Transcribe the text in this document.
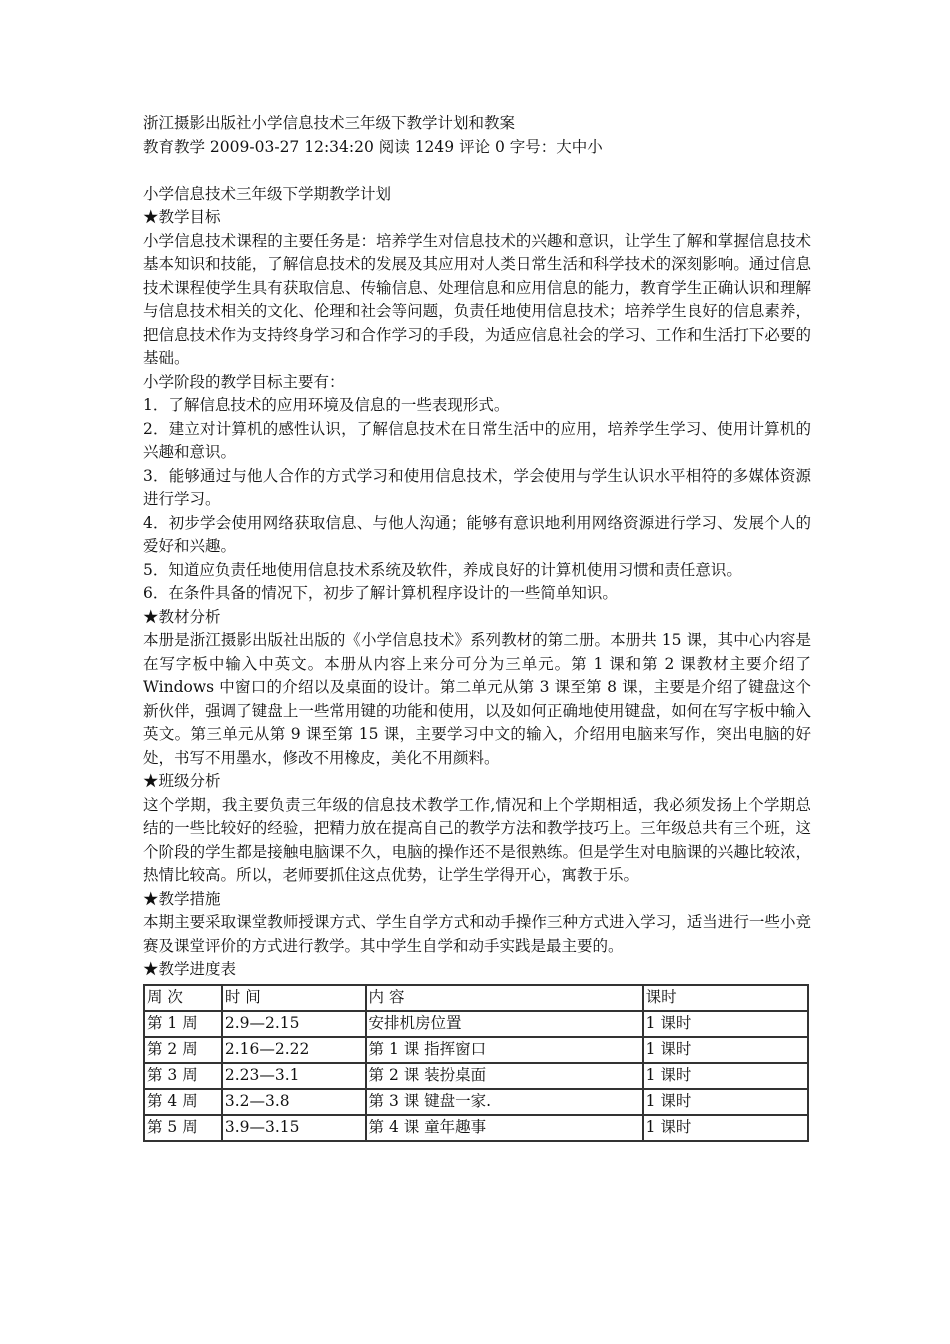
浙江摄影出版社小学信息技术三年级下教学计划和教案
教育教学 2009-03-27 12:34:20 阅读 1249 评论 0 字号：大中小
小学信息技术三年级下学期教学计划
★教学目标
小学信息技术课程的主要任务是：培养学生对信息技术的兴趣和意识，让学生了解和掌握信息技术基本知识和技能，了解信息技术的发展及其应用对人类日常生活和科学技术的深刻影响。通过信息技术课程使学生具有获取信息、传输信息、处理信息和应用信息的能力，教育学生正确认识和理解与信息技术相关的文化、伦理和社会等问题，负责任地使用信息技术；培养学生良好的信息素养，把信息技术作为支持终身学习和合作学习的手段，为适应信息社会的学习、工作和生活打下必要的基础。
小学阶段的教学目标主要有：
1．了解信息技术的应用环境及信息的一些表现形式。
2．建立对计算机的感性认识，了解信息技术在日常生活中的应用，培养学生学习、使用计算机的兴趣和意识。
3．能够通过与他人合作的方式学习和使用信息技术，学会使用与学生认识水平相符的多媒体资源进行学习。
4．初步学会使用网络获取信息、与他人沟通；能够有意识地利用网络资源进行学习、发展个人的爱好和兴趣。
5．知道应负责任地使用信息技术系统及软件，养成良好的计算机使用习惯和责任意识。
6．在条件具备的情况下，初步了解计算机程序设计的一些简单知识。
★教材分析
本册是浙江摄影出版社出版的《小学信息技术》系列教材的第二册。本册共 15 课，其中心内容是在写字板中输入中英文。本册从内容上来分可分为三单元。第 1 课和第 2 课教材主要介绍了 Windows 中窗口的介绍以及桌面的设计。第二单元从第 3 课至第 8 课，主要是介绍了键盘这个新伙伴，强调了键盘上一些常用键的功能和使用，以及如何正确地使用键盘，如何在写字板中输入英文。第三单元从第 9 课至第 15 课，主要学习中文的输入，介绍用电脑来写作，突出电脑的好处，书写不用墨水，修改不用橡皮，美化不用颜料。
★班级分析
这个学期，我主要负责三年级的信息技术教学工作,情况和上个学期相适，我必须发扬上个学期总结的一些比较好的经验，把精力放在提高自己的教学方法和教学技巧上。三年级总共有三个班，这个阶段的学生都是接触电脑课不久，电脑的操作还不是很熟练。但是学生对电脑课的兴趣比较浓，热情比较高。所以，老师要抓住这点优势，让学生学得开心，寓教于乐。
★教学措施
本期主要采取课堂教师授课方式、学生自学方式和动手操作三种方式进入学习，适当进行一些小竞赛及课堂评价的方式进行教学。其中学生自学和动手实践是最主要的。
★教学进度表
周 次	时 间	内 容	课时
第 1 周	2.9—2.15	安排机房位置	1 课时
第 2 周	2.16—2.22	第 1 课 指挥窗口	1 课时
第 3 周	2.23—3.1	第 2 课 装扮桌面	1 课时
第 4 周	3.2—3.8	第 3 课 键盘一家.	1 课时
第 5 周	3.9—3.15	第 4 课 童年趣事	1 课时
